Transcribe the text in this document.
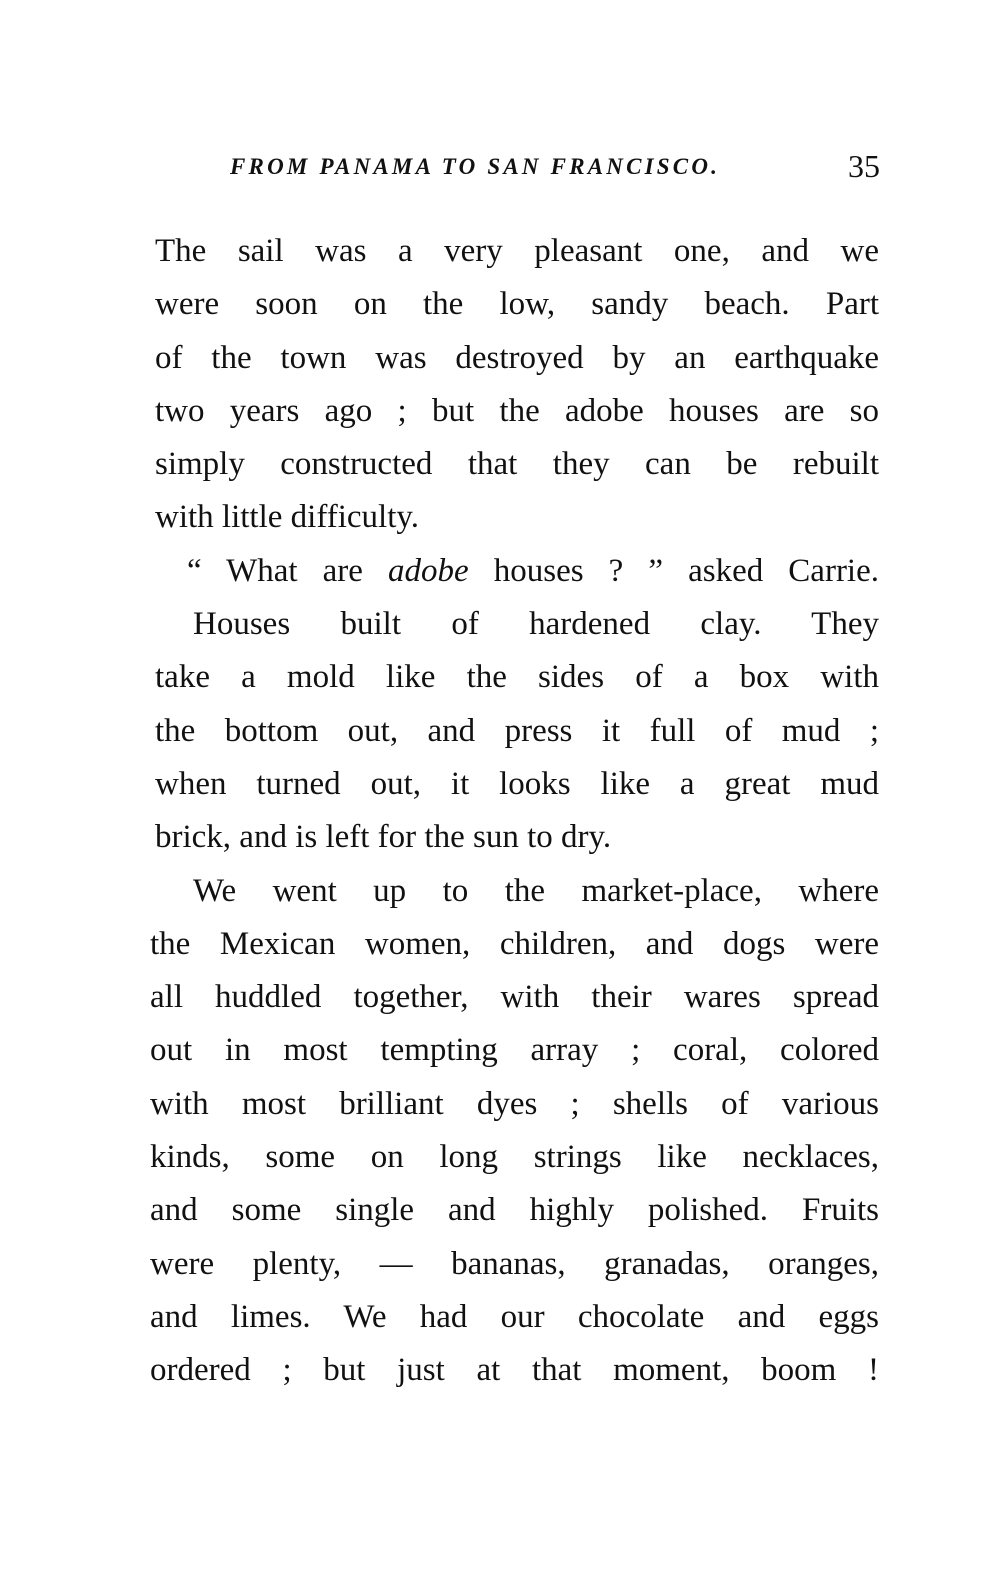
FROM PANAMA TO SAN FRANCISCO.	35
The sail was a very pleasant one, and we
were soon on the low, sandy beach. Part
of the town was destroyed by an earthquake
two years ago ; but the adobe houses are so
simply constructed that they can be rebuilt
with little difficulty.
“ What are adobe houses ? ” asked Carrie.
Houses built of hardened clay. They
take a mold like the sides of a box with
the bottom out, and press it full of mud ;
when turned out, it looks like a great mud
brick, and is left for the sun to dry.
We went up to the market-place, where
the Mexican women, children, and dogs were
all huddled together, with their wares spread
out in most tempting array ; coral, colored
with most brilliant dyes ; shells of various
kinds, some on long strings like necklaces,
and some single and highly polished. Fruits
were plenty, — bananas, granadas, oranges,
and limes. We had our chocolate and eggs
ordered ; but just at that moment, boom !
